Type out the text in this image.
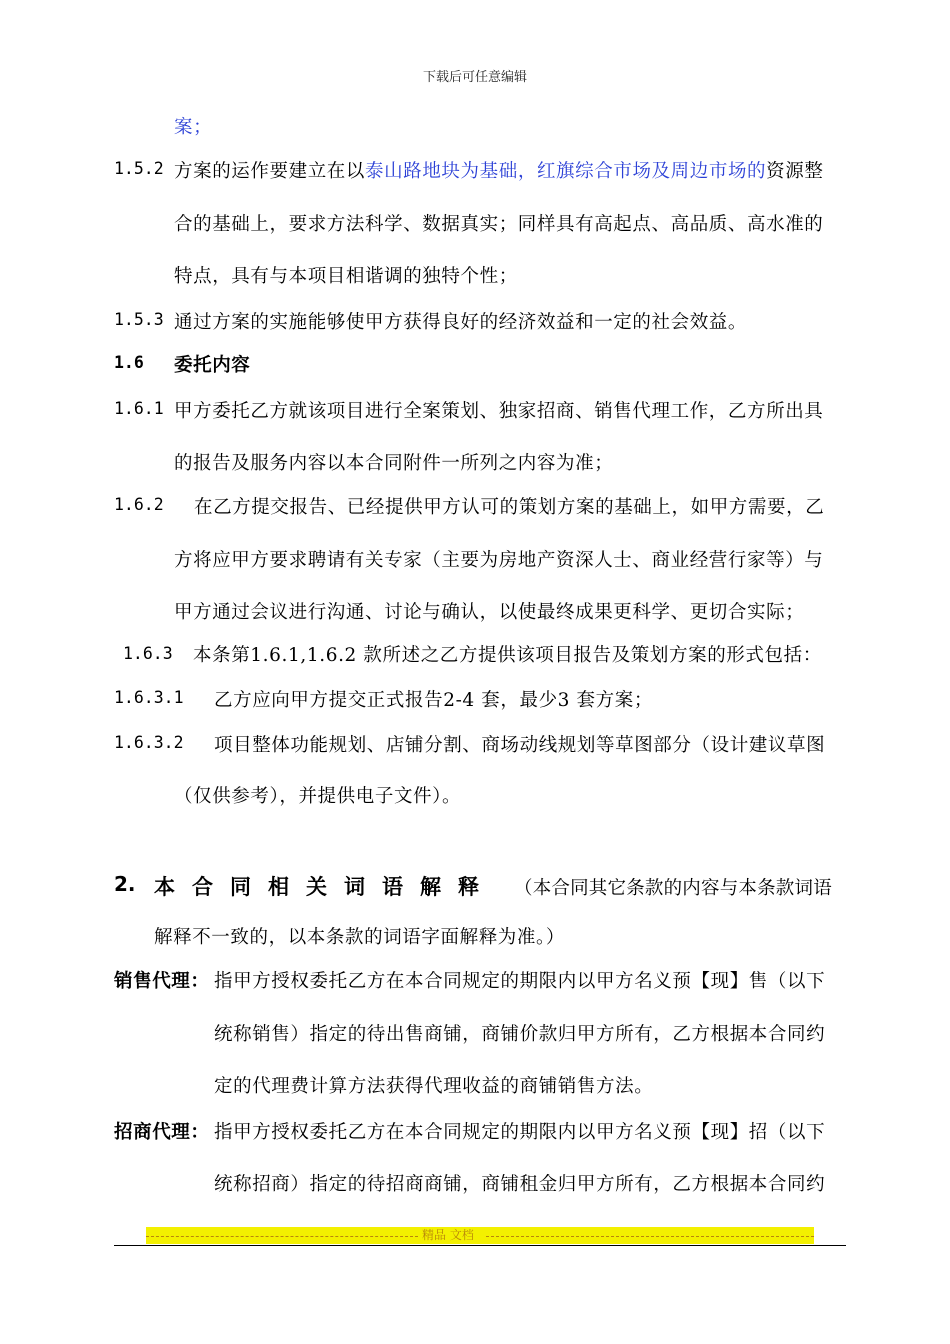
下载后可任意编辑
案；
1.5.2 方案的运作要建立在以泰山路地块为基础，红旗综合市场及周边市场的资源整
合的基础上，要求方法科学、数据真实；同样具有高起点、高品质、高水准的
特点，具有与本项目相谐调的独特个性；
1.5.3 通过方案的实施能够使甲方获得良好的经济效益和一定的社会效益。
1.6 委托内容
1.6.1 甲方委托乙方就该项目进行全案策划、独家招商、销售代理工作，乙方所出具
的报告及服务内容以本合同附件一所列之内容为准；
1.6.2 在乙方提交报告、已经提供甲方认可的策划方案的基础上，如甲方需要，乙
方将应甲方要求聘请有关专家（主要为房地产资深人士、商业经营行家等）与
甲方通过会议进行沟通、讨论与确认，以使最终成果更科学、更切合实际；
1.6.3 本条第1.6.1,1.6.2 款所述之乙方提供该项目报告及策划方案的形式包括：
1.6.3.1 乙方应向甲方提交正式报告2-4 套，最少3 套方案；
1.6.3.2 项目整体功能规划、店铺分割、商场动线规划等草图部分（设计建议草图
（仅供参考），并提供电子文件）。
2. 本合同相关词语解释 （本合同其它条款的内容与本条款词语
解释不一致的，以本条款的词语字面解释为准。）
销售代理： 指甲方授权委托乙方在本合同规定的期限内以甲方名义预【现】售（以下
统称销售）指定的待出售商铺，商铺价款归甲方所有，乙方根据本合同约
定的代理费计算方法获得代理收益的商铺销售方法。
招商代理： 指甲方授权委托乙方在本合同规定的期限内以甲方名义预【现】招（以下
统称招商）指定的待招商商铺，商铺租金归甲方所有，乙方根据本合同约
精品 文档
